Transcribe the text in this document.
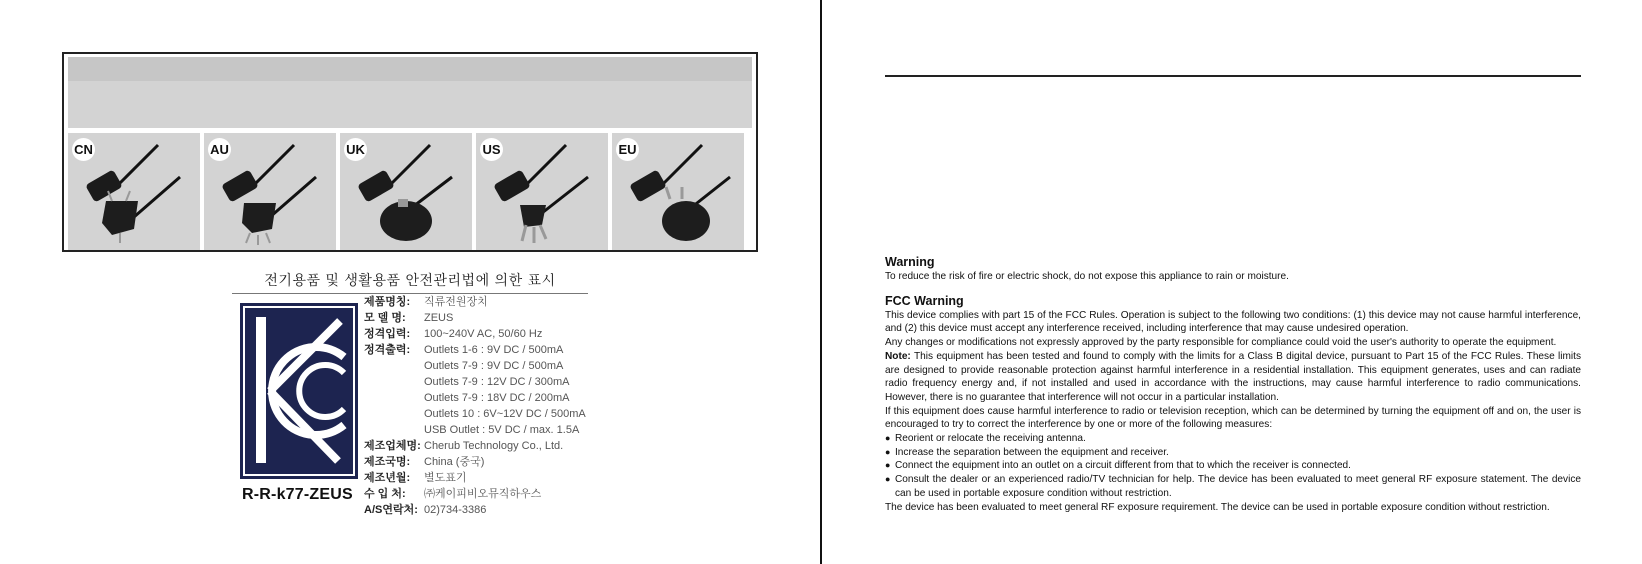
CN	AU	UK	US	EU
전기용품 및 생활용품 안전관리법에 의한 표시
R-R-k77-ZEUS
제품명칭: 직류전원장치
모 델 명: ZEUS
정격입력: 100~240V AC, 50/60 Hz
정격출력: Outlets 1-6 : 9V DC / 500mA
Outlets 7-9 : 9V DC / 500mA
Outlets 7-9 : 12V DC / 300mA
Outlets 7-9 : 18V DC / 200mA
Outlets 10 : 6V~12V DC / 500mA
USB Outlet : 5V DC / max. 1.5A
제조업체명: Cherub Technology Co., Ltd.
제조국명: China (중국)
제조년월: 별도표기
수 입 처: ㈜케이피비오뮤직하우스
A/S연락처: 02)734-3386
Warning
To reduce the risk of fire or electric shock, do not expose this appliance to rain or moisture.
FCC Warning
This device complies with part 15 of the FCC Rules. Operation is subject to the following two conditions: (1) this device may not cause harmful interference, and (2) this device must accept any interference received, including interference that may cause undesired operation.
Any changes or modifications not expressly approved by the party responsible for compliance could void the user's authority to operate the equipment.
Note: This equipment has been tested and found to comply with the limits for a Class B digital device, pursuant to Part 15 of the FCC Rules. These limits are designed to provide reasonable protection against harmful interference in a residential installation. This equipment generates, uses and can radiate radio frequency energy and, if not installed and used in accordance with the instructions, may cause harmful interference to radio communications. However, there is no guarantee that interference will not occur in a particular installation.
If this equipment does cause harmful interference to radio or television reception, which can be determined by turning the equipment off and on, the user is encouraged to try to correct the interference by one or more of the following measures:
● Reorient or relocate the receiving antenna.
● Increase the separation between the equipment and receiver.
● Connect the equipment into an outlet on a circuit different from that to which the receiver is connected.
● Consult the dealer or an experienced radio/TV technician for help. The device has been evaluated to meet general RF exposure statement. The device can be used in portable exposure condition without restriction.
The device has been evaluated to meet general RF exposure requirement. The device can be used in portable exposure condition without restriction.
